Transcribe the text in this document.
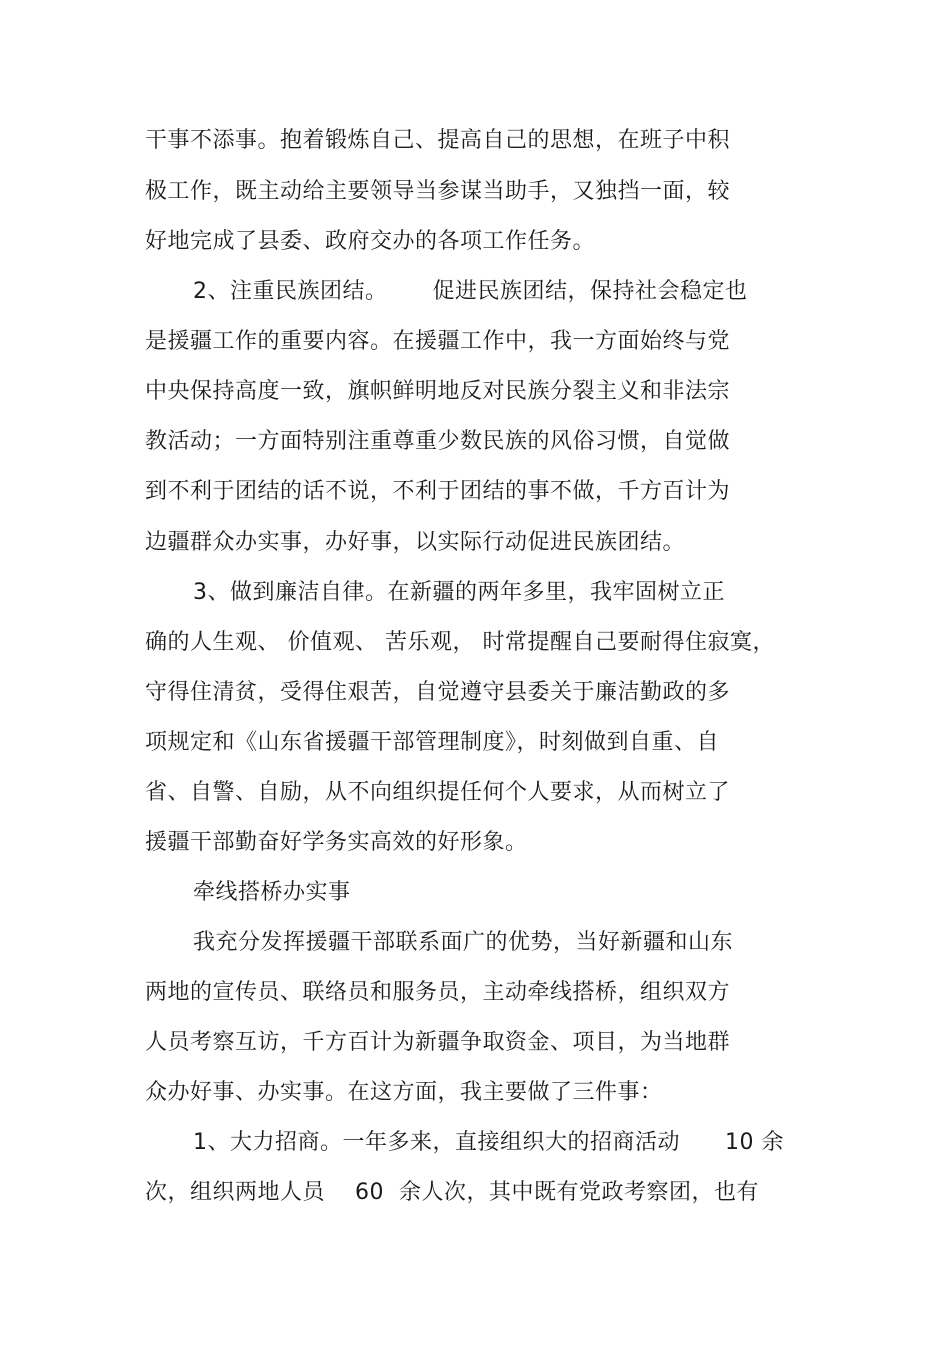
干事不添事。抱着锻炼自己、提高自己的思想，在班子中积
极工作，既主动给主要领导当参谋当助手，又独挡一面，较
好地完成了县委、政府交办的各项工作任务。
2、注重民族团结。      促进民族团结，保持社会稳定也
是援疆工作的重要内容。在援疆工作中，我一方面始终与党
中央保持高度一致，旗帜鲜明地反对民族分裂主义和非法宗
教活动；一方面特别注重尊重少数民族的风俗习惯，自觉做
到不利于团结的话不说，不利于团结的事不做，千方百计为
边疆群众办实事，办好事，以实际行动促进民族团结。
3、做到廉洁自律。在新疆的两年多里，我牢固树立正
确的人生观、 价值观、 苦乐观， 时常提醒自己要耐得住寂寞，
守得住清贫，受得住艰苦，自觉遵守县委关于廉洁勤政的多
项规定和《山东省援疆干部管理制度》，时刻做到自重、自
省、自警、自励，从不向组织提任何个人要求，从而树立了
援疆干部勤奋好学务实高效的好形象。
牵线搭桥办实事
我充分发挥援疆干部联系面广的优势，当好新疆和山东
两地的宣传员、联络员和服务员，主动牵线搭桥，组织双方
人员考察互访，千方百计为新疆争取资金、项目，为当地群
众办好事、办实事。在这方面，我主要做了三件事：
1、大力招商。一年多来，直接组织大的招商活动      10 余
次，组织两地人员    60  余人次，其中既有党政考察团，也有
